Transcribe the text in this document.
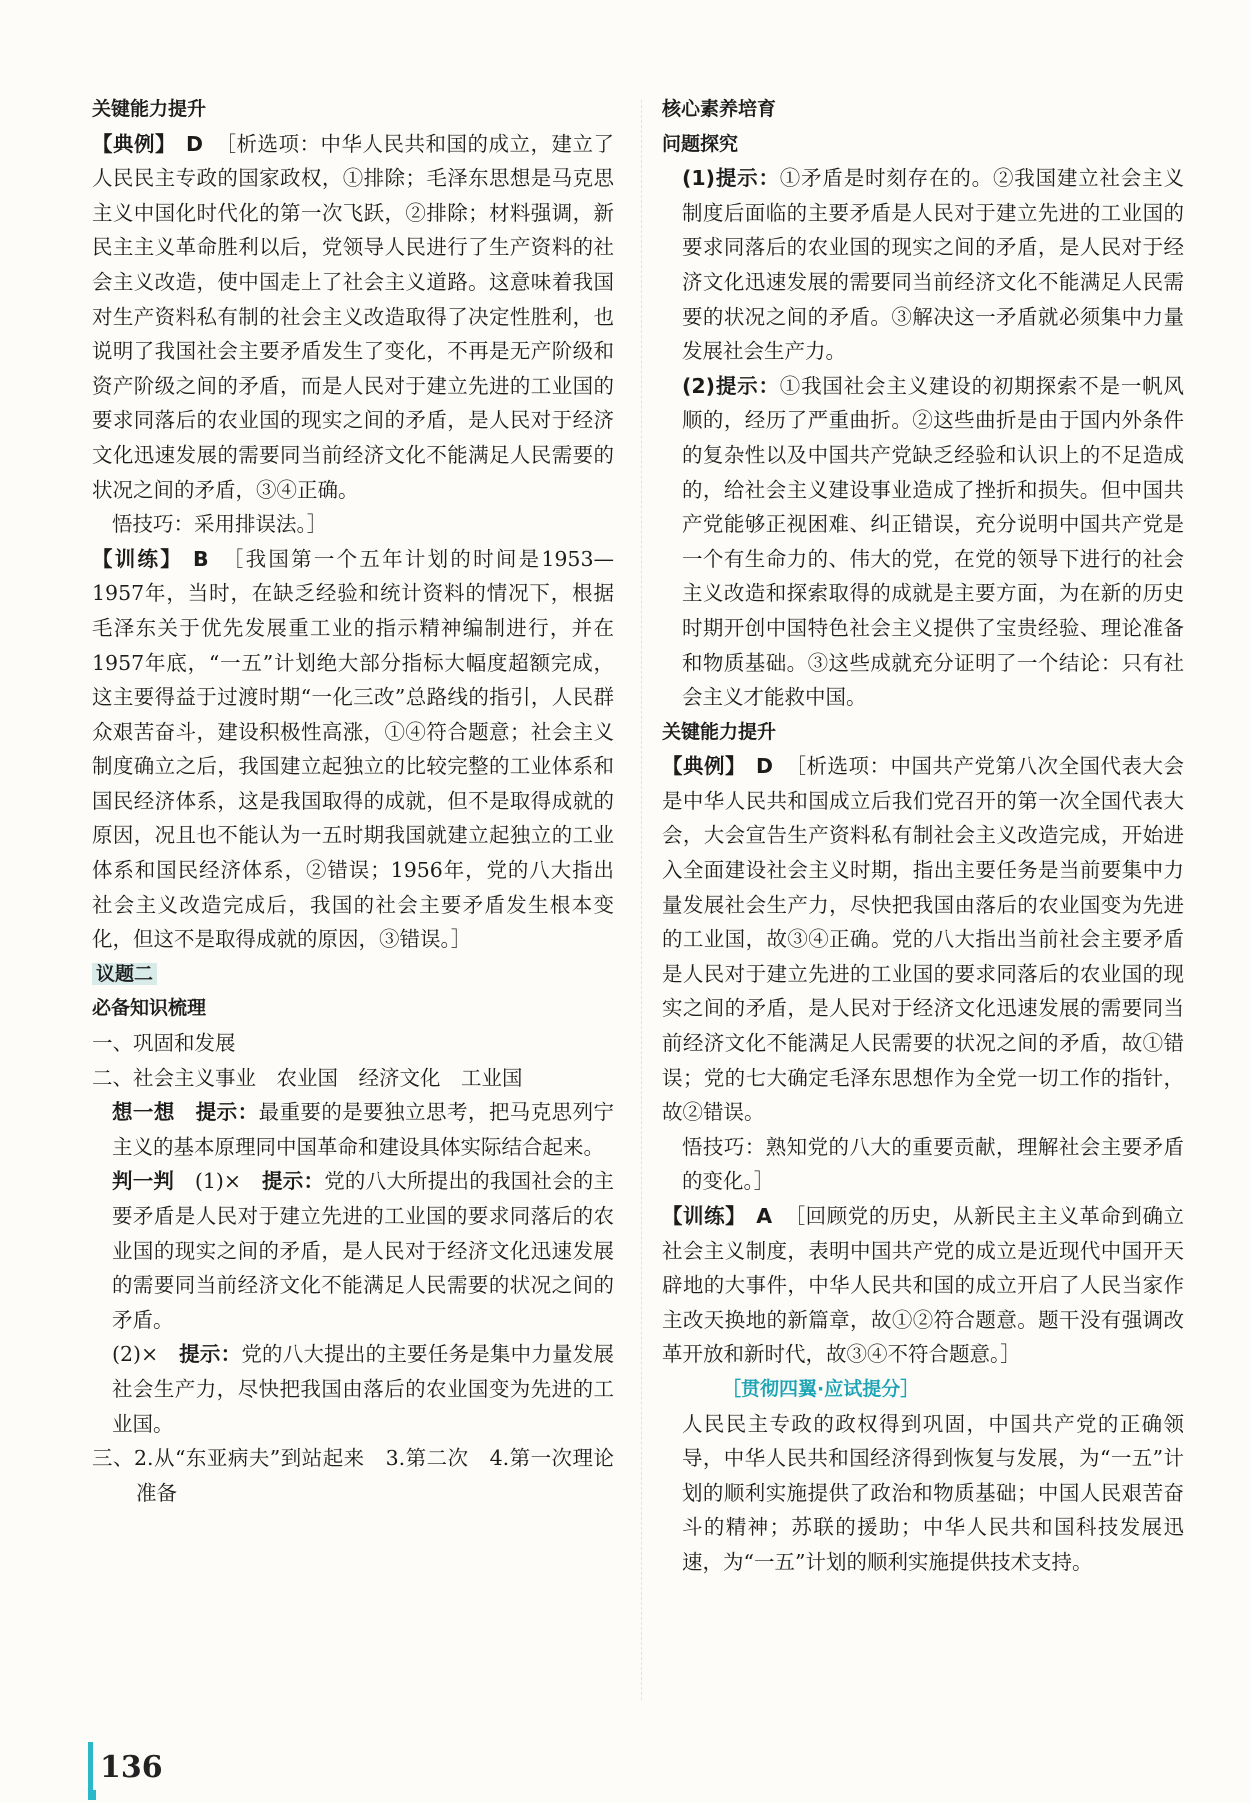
关键能力提升

【典例】 D ［析选项：中华人民共和国的成立，建立了人民民主专政的国家政权，①排除；毛泽东思想是马克思主义中国化时代化的第一次飞跃，②排除；材料强调，新民主主义革命胜利以后，党领导人民进行了生产资料的社会主义改造，使中国走上了社会主义道路。这意味着我国对生产资料私有制的社会主义改造取得了决定性胜利，也说明了我国社会主要矛盾发生了变化，不再是无产阶级和资产阶级之间的矛盾，而是人民对于建立先进的工业国的要求同落后的农业国的现实之间的矛盾，是人民对于经济文化迅速发展的需要同当前经济文化不能满足人民需要的状况之间的矛盾，③④正确。

悟技巧：采用排误法。］

【训练】 B ［我国第一个五年计划的时间是1953—1957年，当时，在缺乏经验和统计资料的情况下，根据毛泽东关于优先发展重工业的指示精神编制进行，并在1957年底，“一五”计划绝大部分指标大幅度超额完成，这主要得益于过渡时期“一化三改”总路线的指引，人民群众艰苦奋斗，建设积极性高涨，①④符合题意；社会主义制度确立之后，我国建立起独立的比较完整的工业体系和国民经济体系，这是我国取得的成就，但不是取得成就的原因，况且也不能认为一五时期我国就建立起独立的工业体系和国民经济体系，②错误；1956年，党的八大指出社会主义改造完成后，我国的社会主要矛盾发生根本变化，但这不是取得成就的原因，③错误。］

议题二

必备知识梳理

一、巩固和发展

二、社会主义事业　农业国　经济文化　工业国

想一想　 提示：最重要的是要独立思考，把马克思列宁主义的基本原理同中国革命和建设具体实际结合起来。

判一判　 (1)×　 提示：党的八大所提出的我国社会的主要矛盾是人民对于建立先进的工业国的要求同落后的农业国的现实之间的矛盾，是人民对于经济文化迅速发展的需要同当前经济文化不能满足人民需要的状况之间的矛盾。

(2)×　 提示：党的八大提出的主要任务是集中力量发展社会生产力，尽快把我国由落后的农业国变为先进的工业国。

三、2.从“东亚病夫”到站起来　3.第二次　4.第一次理论准备

核心素养培育

问题探究

(1)提示：①矛盾是时刻存在的。②我国建立社会主义制度后面临的主要矛盾是人民对于建立先进的工业国的要求同落后的农业国的现实之间的矛盾，是人民对于经济文化迅速发展的需要同当前经济文化不能满足人民需要的状况之间的矛盾。③解决这一矛盾就必须集中力量发展社会生产力。

(2)提示：①我国社会主义建设的初期探索不是一帆风顺的，经历了严重曲折。②这些曲折是由于国内外条件的复杂性以及中国共产党缺乏经验和认识上的不足造成的，给社会主义建设事业造成了挫折和损失。但中国共产党能够正视困难、纠正错误，充分说明中国共产党是一个有生命力的、伟大的党，在党的领导下进行的社会主义改造和探索取得的成就是主要方面，为在新的历史时期开创中国特色社会主义提供了宝贵经验、理论准备和物质基础。③这些成就充分证明了一个结论：只有社会主义才能救中国。

关键能力提升

【典例】 D ［析选项：中国共产党第八次全国代表大会是中华人民共和国成立后我们党召开的第一次全国代表大会，大会宣告生产资料私有制社会主义改造完成，开始进入全面建设社会主义时期，指出主要任务是当前要集中力量发展社会生产力，尽快把我国由落后的农业国变为先进的工业国，故③④正确。党的八大指出当前社会主要矛盾是人民对于建立先进的工业国的要求同落后的农业国的现实之间的矛盾，是人民对于经济文化迅速发展的需要同当前经济文化不能满足人民需要的状况之间的矛盾，故①错误；党的七大确定毛泽东思想作为全党一切工作的指针，故②错误。

悟技巧：熟知党的八大的重要贡献，理解社会主要矛盾的变化。］

【训练】 A ［回顾党的历史，从新民主主义革命到确立社会主义制度，表明中国共产党的成立是近现代中国开天辟地的大事件，中华人民共和国的成立开启了人民当家作主改天换地的新篇章，故①②符合题意。题干没有强调改革开放和新时代，故③④不符合题意。］

［贯彻四翼·应试提分］

人民民主专政的政权得到巩固，中国共产党的正确领导，中华人民共和国经济得到恢复与发展，为“一五”计划的顺利实施提供了政治和物质基础；中国人民艰苦奋斗的精神；苏联的援助；中华人民共和国科技发展迅速，为“一五”计划的顺利实施提供技术支持。

136
